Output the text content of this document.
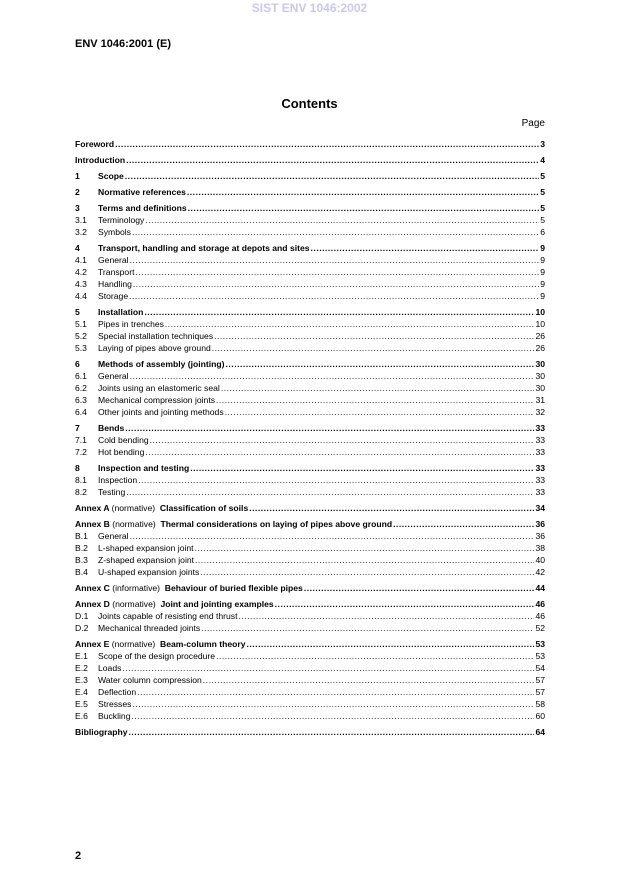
SIST ENV 1046:2002
ENV 1046:2001 (E)
Contents
Page
Foreword .....	3
Introduction .....	4
1	Scope .....	5
2	Normative references .....	5
3	Terms and definitions .....	5
3.1	Terminology .....	5
3.2	Symbols .....	6
4	Transport, handling and storage at depots and sites .....	9
4.1	General .....	9
4.2	Transport .....	9
4.3	Handling .....	9
4.4	Storage .....	9
5	Installation .....	10
5.1	Pipes in trenches .....	10
5.2	Special installation techniques .....	26
5.3	Laying of pipes above ground .....	26
6	Methods of assembly (jointing) .....	30
6.1	General .....	30
6.2	Joints using an elastomeric seal .....	30
6.3	Mechanical compression joints .....	31
6.4	Other joints and jointing methods .....	32
7	Bends .....	33
7.1	Cold bending .....	33
7.2	Hot bending .....	33
8	Inspection and testing .....	33
8.1	Inspection .....	33
8.2	Testing .....	33
Annex A (normative) Classification of soils .....	34
Annex B (normative) Thermal considerations on laying of pipes above ground .....	36
B.1	General .....	36
B.2	L-shaped expansion joint .....	38
B.3	Z-shaped expansion joint .....	40
B.4	U-shaped expansion joints .....	42
Annex C (informative) Behaviour of buried flexible pipes .....	44
Annex D (normative) Joint and jointing examples .....	46
D.1	Joints capable of resisting end thrust .....	46
D.2	Mechanical threaded joints .....	52
Annex E (normative) Beam-column theory .....	53
E.1	Scope of the design procedure .....	53
E.2	Loads .....	54
E.3	Water column compression .....	57
E.4	Deflection .....	57
E.5	Stresses .....	58
E.6	Buckling .....	60
Bibliography .....	64
2
